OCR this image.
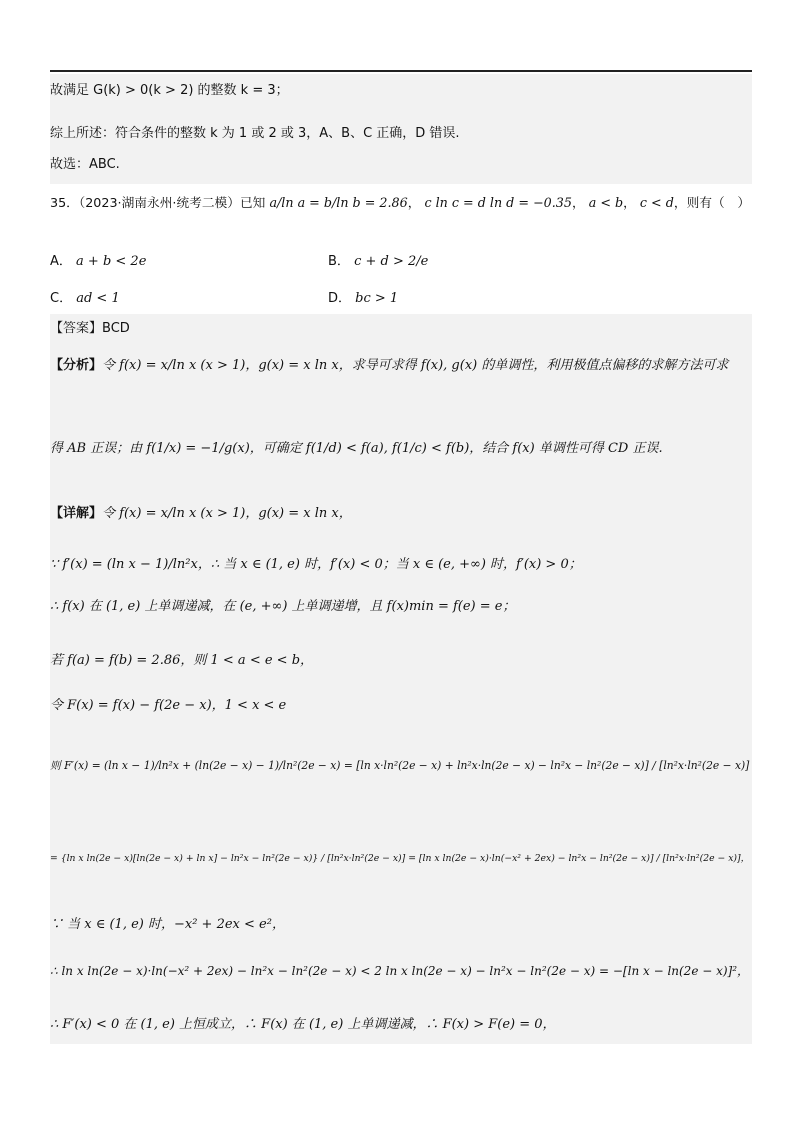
故满足 G(k) > 0(k > 2) 的整数 k = 3；
综上所述：符合条件的整数 k 为 1 或 2 或 3，A、B、C 正确，D 错误.
故选：ABC.
35．（2023·湖南永州·统考二模）已知 a/ln a = b/ln b = 2.86， c ln c = d ln d = −0.35， a < b， c < d，则有（　）
A． a + b < 2e	B． c + d > 2/e
C． ad < 1	D． bc > 1
【答案】BCD
【分析】令 f(x) = x/ln x (x > 1)，g(x) = x ln x，求导可求得 f(x), g(x) 的单调性，利用极值点偏移的求解方法可求
得 AB 正误；由 f(1/x) = −1/g(x)，可确定 f(1/d) < f(a), f(1/c) < f(b)，结合 f(x) 单调性可得 CD 正误.
【详解】令 f(x) = x/ln x (x > 1)，g(x) = x ln x，
∵ f′(x) = (ln x − 1)/ln²x，∴ 当 x ∈ (1, e) 时，f′(x) < 0；当 x ∈ (e, +∞) 时，f′(x) > 0；
∴ f(x) 在 (1, e) 上单调递减，在 (e, +∞) 上单调递增，且 f(x)min = f(e) = e；
若 f(a) = f(b) = 2.86，则 1 < a < e < b，
令 F(x) = f(x) − f(2e − x)，1 < x < e
则 F′(x) = (ln x − 1)/ln²x + (ln(2e − x) − 1)/ln²(2e − x) = [ln x·ln²(2e − x) + ln²x·ln(2e − x) − ln²x − ln²(2e − x)] / [ln²x·ln²(2e − x)]
= {ln x ln(2e − x)[ln(2e − x) + ln x] − ln²x − ln²(2e − x)} / [ln²x·ln²(2e − x)] = [ln x ln(2e − x)·ln(−x² + 2ex) − ln²x − ln²(2e − x)] / [ln²x·ln²(2e − x)]，
∵ 当 x ∈ (1, e) 时，−x² + 2ex < e²，
∴ ln x ln(2e − x)·ln(−x² + 2ex) − ln²x − ln²(2e − x) < 2 ln x ln(2e − x) − ln²x − ln²(2e − x) = −[ln x − ln(2e − x)]²，
∴ F′(x) < 0 在 (1, e) 上恒成立，∴ F(x) 在 (1, e) 上单调递减，∴ F(x) > F(e) = 0，
